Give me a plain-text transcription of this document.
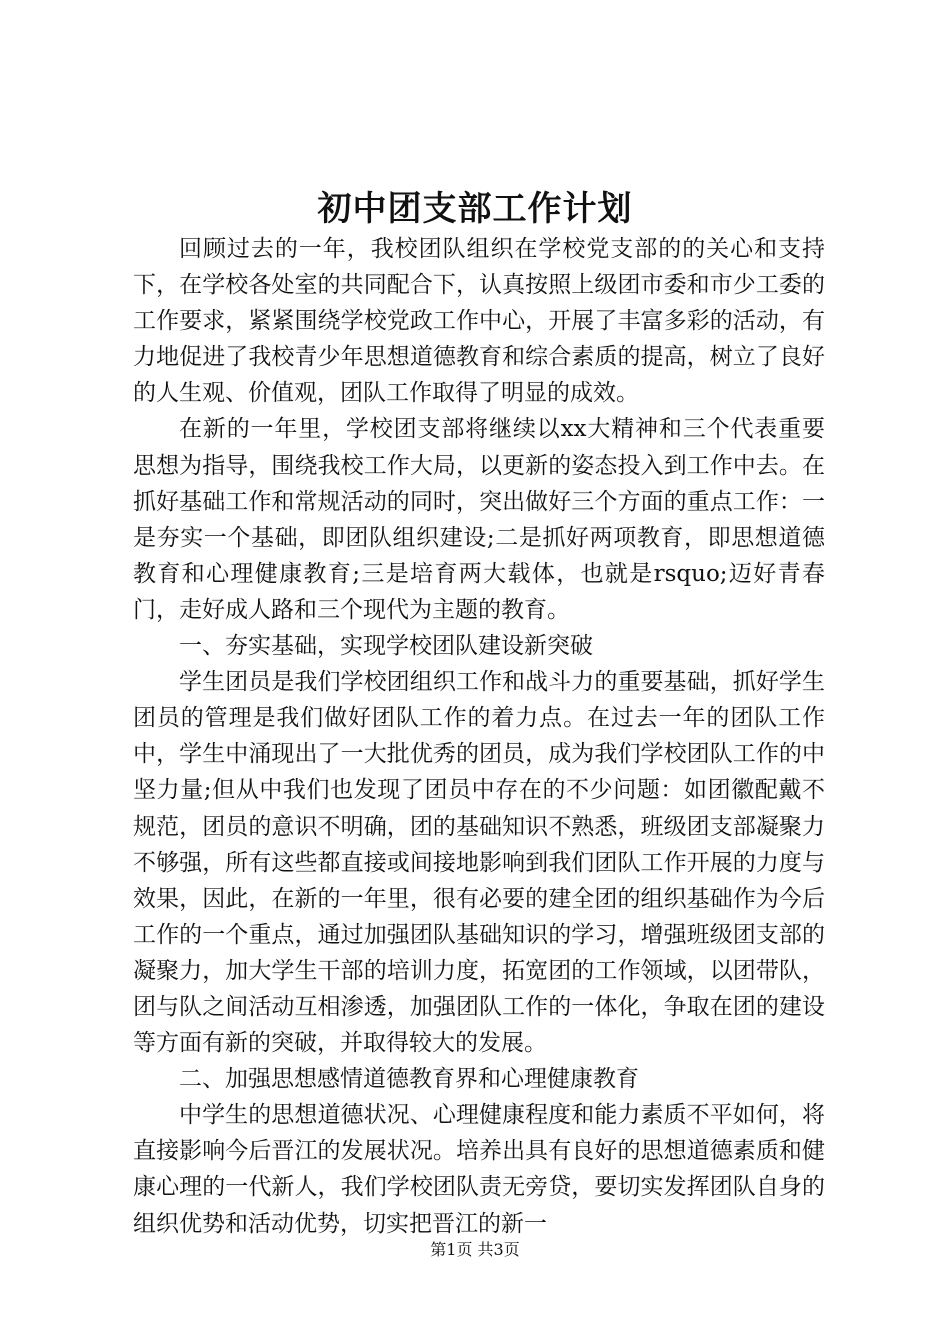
初中团支部工作计划

回顾过去的一年，我校团队组织在学校党支部的的关心和支持下，在学校各处室的共同配合下，认真按照上级团市委和市少工委的工作要求，紧紧围绕学校党政工作中心，开展了丰富多彩的活动，有力地促进了我校青少年思想道德教育和综合素质的提高，树立了良好的人生观、价值观，团队工作取得了明显的成效。

在新的一年里，学校团支部将继续以xx大精神和三个代表重要思想为指导，围绕我校工作大局，以更新的姿态投入到工作中去。在抓好基础工作和常规活动的同时，突出做好三个方面的重点工作：一是夯实一个基础，即团队组织建设;二是抓好两项教育，即思想道德教育和心理健康教育;三是培育两大载体，也就是rsquo;迈好青春门，走好成人路和三个现代为主题的教育。

一、夯实基础，实现学校团队建设新突破

学生团员是我们学校团组织工作和战斗力的重要基础，抓好学生团员的管理是我们做好团队工作的着力点。在过去一年的团队工作中，学生中涌现出了一大批优秀的团员，成为我们学校团队工作的中坚力量;但从中我们也发现了团员中存在的不少问题：如团徽配戴不规范，团员的意识不明确，团的基础知识不熟悉，班级团支部凝聚力不够强，所有这些都直接或间接地影响到我们团队工作开展的力度与效果，因此，在新的一年里，很有必要的建全团的组织基础作为今后工作的一个重点，通过加强团队基础知识的学习，增强班级团支部的凝聚力，加大学生干部的培训力度，拓宽团的工作领域，以团带队，团与队之间活动互相渗透，加强团队工作的一体化，争取在团的建设等方面有新的突破，并取得较大的发展。

二、加强思想感情道德教育界和心理健康教育

中学生的思想道德状况、心理健康程度和能力素质不平如何，将直接影响今后晋江的发展状况。培养出具有良好的思想道德素质和健康心理的一代新人，我们学校团队责无旁贷，要切实发挥团队自身的组织优势和活动优势，切实把晋江的新一

第1页 共3页
